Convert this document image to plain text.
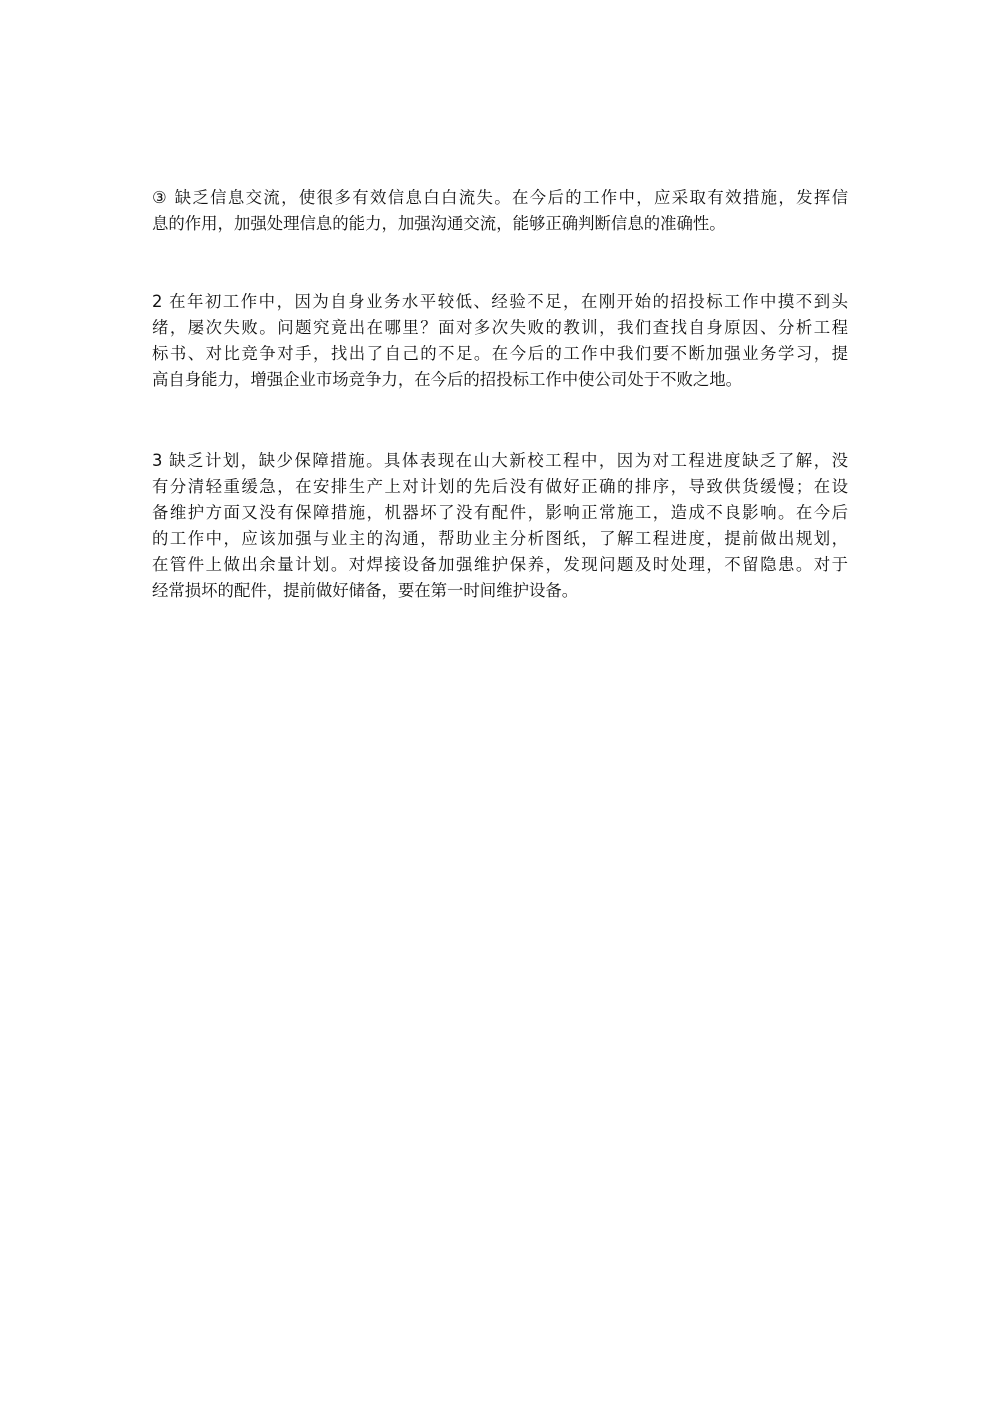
③ 缺乏信息交流，使很多有效信息白白流失。在今后的工作中，应采取有效措施，发挥信
息的作用，加强处理信息的能力，加强沟通交流，能够正确判断信息的准确性。

2 在年初工作中，因为自身业务水平较低、经验不足，在刚开始的招投标工作中摸不到头
绪，屡次失败。问题究竟出在哪里？面对多次失败的教训，我们查找自身原因、分析工程
标书、对比竞争对手，找出了自己的不足。在今后的工作中我们要不断加强业务学习，提
高自身能力，增强企业市场竞争力，在今后的招投标工作中使公司处于不败之地。

3 缺乏计划，缺少保障措施。具体表现在山大新校工程中，因为对工程进度缺乏了解，没
有分清轻重缓急，在安排生产上对计划的先后没有做好正确的排序，导致供货缓慢；在设
备维护方面又没有保障措施，机器坏了没有配件，影响正常施工，造成不良影响。在今后
的工作中，应该加强与业主的沟通，帮助业主分析图纸，了解工程进度，提前做出规划，
在管件上做出余量计划。对焊接设备加强维护保养，发现问题及时处理，不留隐患。对于
经常损坏的配件，提前做好储备，要在第一时间维护设备。
